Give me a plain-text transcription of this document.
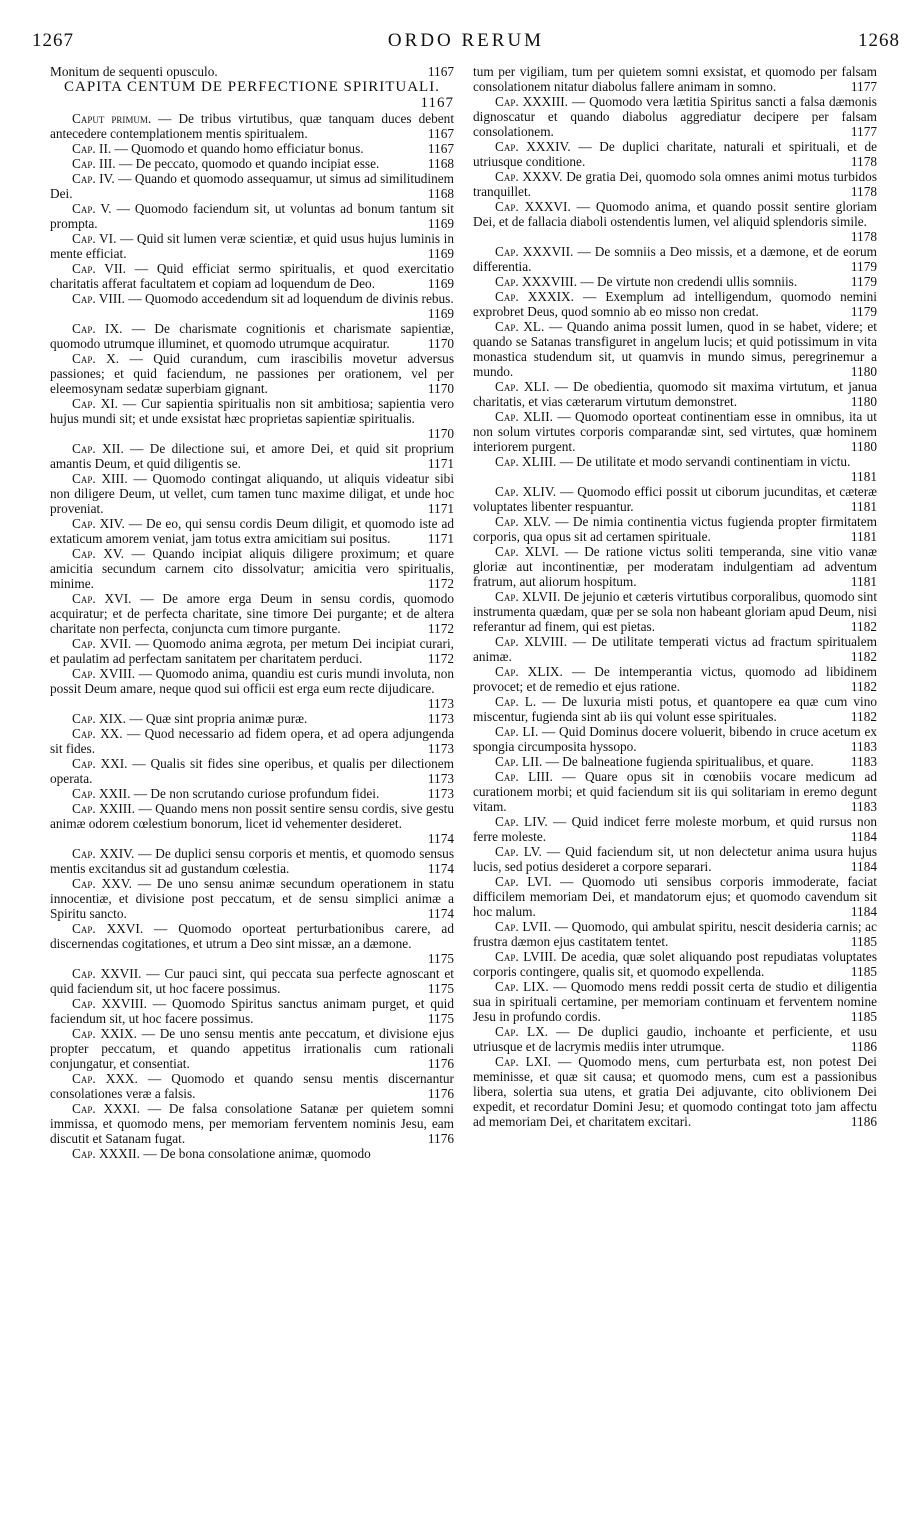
1267	ORDO RERUM	1268

Monitum de sequenti opusculo.	1167

CAPITA CENTUM DE PERFECTIONE SPIRITUALI.
1167

Caput primum. — De tribus virtutibus, quæ tanquam duces debent antecedere contemplationem mentis spiritualem.	1167

Cap. II. — Quomodo et quando homo efficiatur bonus.	1167

Cap. III. — De peccato, quomodo et quando incipiat esse.	1168

Cap. IV. — Quando et quomodo assequamur, ut simus ad similitudinem Dei.	1168

Cap. V. — Quomodo faciendum sit, ut voluntas ad bonum tantum sit prompta.	1169

Cap. VI. — Quid sit lumen veræ scientiæ, et quid usus hujus luminis in mente efficiat.	1169

Cap. VII. — Quid efficiat sermo spiritualis, et quod exercitatio charitatis afferat facultatem et copiam ad loquendum de Deo.	1169

Cap. VIII. — Quomodo accedendum sit ad loquendum de divinis rebus.
1169

Cap. IX. — De charismate cognitionis et charismate sapientiæ, quomodo utrumque illuminet, et quomodo utrumque acquiratur.	1170

Cap. X. — Quid curandum, cum irascibilis movetur adversus passiones; et quid faciendum, ne passiones per orationem, vel per eleemosynam sedatæ superbiam gignant.	1170

Cap. XI. — Cur sapientia spiritualis non sit ambitiosa; sapientia vero hujus mundi sit; et unde exsistat hæc proprietas sapientiæ spiritualis.
1170

Cap. XII. — De dilectione sui, et amore Dei, et quid sit proprium amantis Deum, et quid diligentis se.	1171

Cap. XIII. — Quomodo contingat aliquando, ut aliquis videatur sibi non diligere Deum, ut vellet, cum tamen tunc maxime diligat, et unde hoc proveniat.	1171

Cap. XIV. — De eo, qui sensu cordis Deum diligit, et quomodo iste ad extaticum amorem veniat, jam totus extra amicitiam sui positus.	1171

Cap. XV. — Quando incipiat aliquis diligere proximum; et quare amicitia secundum carnem cito dissolvatur; amicitia vero spiritualis, minime.	1172

Cap. XVI. — De amore erga Deum in sensu cordis, quomodo acquiratur; et de perfecta charitate, sine timore Dei purgante; et de altera charitate non perfecta, conjuncta cum timore purgante.	1172

Cap. XVII. — Quomodo anima ægrota, per metum Dei incipiat curari, et paulatim ad perfectam sanitatem per charitatem perduci.	1172

Cap. XVIII. — Quomodo anima, quandiu est curis mundi involuta, non possit Deum amare, neque quod sui officii est erga eum recte dijudicare.
1173

Cap. XIX. — Quæ sint propria animæ puræ.	1173

Cap. XX. — Quod necessario ad fidem opera, et ad opera adjungenda sit fides.	1173

Cap. XXI. — Qualis sit fides sine operibus, et qualis per dilectionem operata.	1173

Cap. XXII. — De non scrutando curiose profundum fidei.	1173

Cap. XXIII. — Quando mens non possit sentire sensu cordis, sive gestu animæ odorem cœlestium bonorum, licet id vehementer desideret.
1174

Cap. XXIV. — De duplici sensu corporis et mentis, et quomodo sensus mentis excitandus sit ad gustandum cœlestia.	1174

Cap. XXV. — De uno sensu animæ secundum operationem in statu innocentiæ, et divisione post peccatum, et de sensu simplici animæ a Spiritu sancto.	1174

Cap. XXVI. — Quomodo oporteat perturbationibus carere, ad discernendas cogitationes, et utrum a Deo sint missæ, an a dæmone.
1175

Cap. XXVII. — Cur pauci sint, qui peccata sua perfecte agnoscant et quid faciendum sit, ut hoc facere possimus.	1175

Cap. XXVIII. — Quomodo Spiritus sanctus animam purget, et quid faciendum sit, ut hoc facere possimus.	1175

Cap. XXIX. — De uno sensu mentis ante peccatum, et divisione ejus propter peccatum, et quando appetitus irrationalis cum rationali conjungatur, et consentiat.	1176

Cap. XXX. — Quomodo et quando sensu mentis discernantur consolationes veræ a falsis.	1176

Cap. XXXI. — De falsa consolatione Satanæ per quietem somni immissa, et quomodo mens, per memoriam ferventem nominis Jesu, eam discutit et Satanam fugat.	1176

Cap. XXXII. — De bona consolatione animæ, quomodo

tum per vigiliam, tum per quietem somni exsistat, et quomodo per falsam consolationem nitatur diabolus fallere animam in somno.	1177

Cap. XXXIII. — Quomodo vera lætitia Spiritus sancti a falsa dæmonis dignoscatur et quando diabolus aggrediatur decipere per falsam consolationem.	1177

Cap. XXXIV. — De duplici charitate, naturali et spirituali, et de utriusque conditione.	1178

Cap. XXXV. De gratia Dei, quomodo sola omnes animi motus turbidos tranquillet.	1178

Cap. XXXVI. — Quomodo anima, et quando possit sentire gloriam Dei, et de fallacia diaboli ostendentis lumen, vel aliquid splendoris simile.
1178

Cap. XXXVII. — De somniis a Deo missis, et a dæmone, et de eorum differentia.	1179

Cap. XXXVIII. — De virtute non credendi ullis somniis.	1179

Cap. XXXIX. — Exemplum ad intelligendum, quomodo nemini exprobret Deus, quod somnio ab eo misso non credat.	1179

Cap. XL. — Quando anima possit lumen, quod in se habet, videre; et quando se Satanas transfiguret in angelum lucis; et quid potissimum in vita monastica studendum sit, ut quamvis in mundo simus, peregrinemur a mundo.	1180

Cap. XLI. — De obedientia, quomodo sit maxima virtutum, et janua charitatis, et vias cæterarum virtutum demonstret.	1180

Cap. XLII. — Quomodo oporteat continentiam esse in omnibus, ita ut non solum virtutes corporis comparandæ sint, sed virtutes, quæ hominem interiorem purgent.	1180

Cap. XLIII. — De utilitate et modo servandi continentiam in victu.
1181

Cap. XLIV. — Quomodo effici possit ut ciborum jucunditas, et cæteræ voluptates libenter respuantur.	1181

Cap. XLV. — De nimia continentia victus fugienda propter firmitatem corporis, qua opus sit ad certamen spirituale.	1181

Cap. XLVI. — De ratione victus soliti temperanda, sine vitio vanæ gloriæ aut incontinentiæ, per moderatam indulgentiam ad adventum fratrum, aut aliorum hospitum.	1181

Cap. XLVII. De jejunio et cæteris virtutibus corporalibus, quomodo sint instrumenta quædam, quæ per se sola non habeant gloriam apud Deum, nisi referantur ad finem, qui est pietas.	1182

Cap. XLVIII. — De utilitate temperati victus ad fractum spiritualem animæ.	1182

Cap. XLIX. — De intemperantia victus, quomodo ad libidinem provocet; et de remedio et ejus ratione.	1182

Cap. L. — De luxuria misti potus, et quantopere ea quæ cum vino miscentur, fugienda sint ab iis qui volunt esse spirituales.	1182

Cap. LI. — Quid Dominus docere voluerit, bibendo in cruce acetum ex spongia circumposita hyssopo.	1183

Cap. LII. — De balneatione fugienda spiritualibus, et quare.	1183

Cap. LIII. — Quare opus sit in cœnobiis vocare medicum ad curationem morbi; et quid faciendum sit iis qui solitariam in eremo degunt vitam.	1183

Cap. LIV. — Quid indicet ferre moleste morbum, et quid rursus non ferre moleste.	1184

Cap. LV. — Quid faciendum sit, ut non delectetur anima usura hujus lucis, sed potius desideret a corpore separari.	1184

Cap. LVI. — Quomodo uti sensibus corporis immoderate, faciat difficilem memoriam Dei, et mandatorum ejus; et quomodo cavendum sit hoc malum.	1184

Cap. LVII. — Quomodo, qui ambulat spiritu, nescit desideria carnis; ac frustra dæmon ejus castitatem tentet.	1185

Cap. LVIII. De acedia, quæ solet aliquando post repudiatas voluptates corporis contingere, qualis sit, et quomodo expellenda.	1185

Cap. LIX. — Quomodo mens reddi possit certa de studio et diligentia sua in spirituali certamine, per memoriam continuam et ferventem nomine Jesu in profundo cordis.	1185

Cap. LX. — De duplici gaudio, inchoante et perficiente, et usu utriusque et de lacrymis mediis inter utrumque.	1186

Cap. LXI. — Quomodo mens, cum perturbata est, non potest Dei meminisse, et quæ sit causa; et quomodo mens, cum est a passionibus libera, solertia sua utens, et gratia Dei adjuvante, cito oblivionem Dei expedit, et recordatur Domini Jesu; et quomodo contingat toto jam affectu ad memoriam Dei, et charitatem excitari.	1186
